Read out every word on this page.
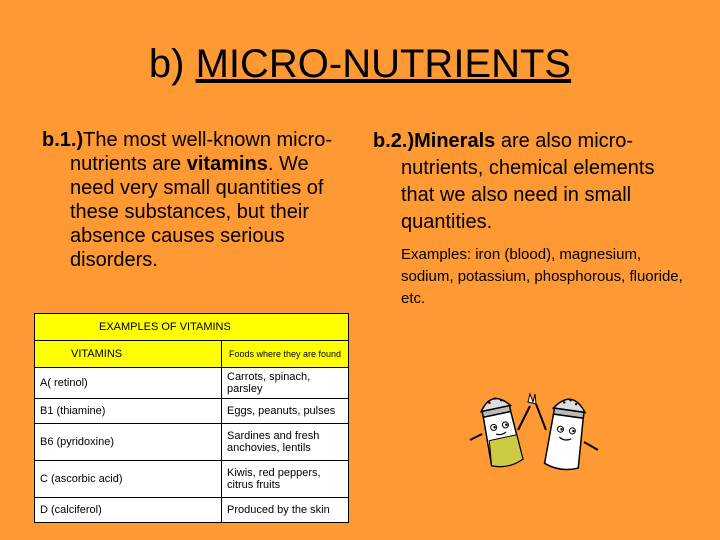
b) MICRO-NUTRIENTS
b.1.)The most well-known micro-nutrients are vitamins. We need very small quantities of these substances, but their absence causes serious disorders.
b.2.)Minerals are also micro-nutrients, chemical elements that we also need in small quantities.
Examples: iron (blood), magnesium, sodium, potassium, phosphorous, fluoride, etc.
EXAMPLES OF VITAMINS	
VITAMINS	Foods where they are found
A( retinol)	Carrots, spinach, parsley
B1 (thiamine)	Eggs, peanuts, pulses
B6 (pyridoxine)	Sardines and fresh anchovies, lentils
C (ascorbic acid)	Kiwis, red peppers, citrus fruits
D (calciferol)	Produced by the skin
